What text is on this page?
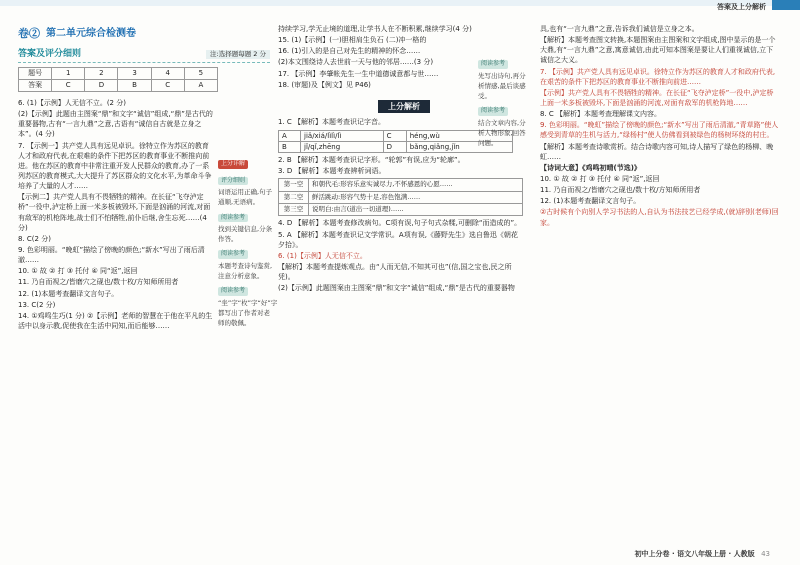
答案及上分解析
卷② 第二单元综合检测卷
答案及评分细则	注:选择题每题 2 分
题号	1	2	3	4	5
答案	C	D	B	C	A
6. (1)【示例】人无信不立。(2 分)
(2)【示例】此题由主图案“鼎”和文字“诚信”组成,“鼎”是古代的重要器物,古有“一言九鼎”之意,古语有“诚信自古就是立身之本”。(4 分)
7. 【示例一】共产党人具有远见卓识。徐特立作为苏区的教育人才和政府代表,在艰难的条件下把苏区的教育事业不断推向前进。他在苏区的教育中非常注重开发人民群众的教育,办了一系列苏区的教育模式,大大提升了苏区群众的文化水平,为革命斗争培养了大量的人才……
【示例二】共产党人具有不畏牺牲的精神。在长征“飞夺泸定桥”一役中,泸定桥上面一米多板被毁坏,下面是汹涌的河流,对面有敌军的机枪阵地,战士们不怕牺牲,前仆后继,舍生忘死……(4 分)
8. C(2 分)
9. 色彩明丽。“晚虹”描绘了傍晚的颜色;“新水”写出了雨后清澈……
10. ① 故 ② 打 ③ 托付 ④ 同“返”,返回
11. 乃自而视之/皆磨穴之砚也/数十枚/方知师所用者
12. (1)本题考查翻译文言句子。
13. C(2 分)
14. ①鸡鸣生巧(1 分) ②【示例】老师的智慧在于他在平凡的生活中以身示教,促使我在生活中同知,而后能够……
上分详解
评分细则
词语运用正确,句子通顺,无语病。
阅读参考
找到关键信息,分条作答。
阅读参考
本题考查诗句鉴赏,注意分析意象。
阅读参考
“坐”字“枚”字“好”字都写出了作者对老师的敬佩。
持续学习,学无止境的道理,让学书人在不断积累,继续学习(4 分)
15. (1)【示例】(一)胆相肩生负石 (二)冲一格的
16. (1)引入的是自己对先生的精神的怀念……
(2)本文围绕诗人去世前一天与他的邻居……(3 分)
17. 【示例】李肇帐先生一生中道德诚意都与世……
18. (审题)及【例文】见 P46)
阅读参考
先写出诗句,再分析情感,最后谈感受。
阅读参考
结合文章内容,分析人物形象,回答问题。
上分解析
1. C 【解析】本题考查识记字音。
A	jiǎ/xiá/lìlì/lì	C	héng,wù
B	jǐ/qǐ,zhēng	D	bǎng,qiǎng,jǐn
2. B 【解析】本题考查识记字形。“轮郭”有误,应为“轮廓”。
3. D 【解析】本题考查辨析词语。
第一空	和朝代毛:形容乐意实诚尽力,不怀感恩的心愿……
第二空	鲜活跳动:形容气势十足,容色饱满……
第三空	说明白:由言(道出一切道理)……
4. D 【解析】本题考查修改病句。C项有误,句子句式杂糅,可删除“而造成的”。
5. A 【解析】本题考查识记文学常识。A项有误,《藤野先生》选自鲁迅《朝花夕拾》。
6. (1)【示例】人无信不立。
【解析】本题考查提炼观点。由“人而无信,不知其可也”(信,国之宝也,民之所凭)。
(2)【示例】此题图案由主图案“鼎”和文字“诚信”组成,“鼎”是古代的重要器物
具,也有“一言九鼎”之意,告诉我们诚信是立身之本。
【解析】本题考查图文转换,本题图案由主图案和文字组成,图中显示的是一个大鼎,有“一言九鼎”之意,寓意诚信,由此可知本图案是要让人们重视诚信,立下诚信之大义。
7. 【示例】共产党人具有远见卓识。徐特立作为苏区的教育人才和政府代表,在艰苦的条件下把苏区的教育事业不断推向前进……
【示例】共产党人具有不畏牺牲的精神。在长征“飞夺泸定桥”一役中,泸定桥上面一米多板被毁坏,下面是汹涌的河流,对面有敌军的机枪阵地……
8. C 【解析】本题考查理解课文内容。
9. 色彩明丽。“晚虹”描绘了傍晚的颜色;“新水”写出了雨后清澈,“青草路”使人感受到青草的生机与活力,“绿杨村”使人仿佛看到被绿色的杨树环绕的村庄。
【解析】本题考查诗歌赏析。结合诗歌内容可知,诗人描写了绿色的杨柳、晚虹……
【诗词大意】《鸡鸣初晴(节选)》
10. ① 故 ② 打 ③ 托付 ④ 同“返”,返回
11. 乃自而视之/皆磨穴之砚也/数十枚/方知师所用者
12. (1)本题考查翻译文言句子。
②古时候有个向别人学习书法的人,自认为书法技艺已经学成,(就)辞别(老师)回家。
初中上分卷 · 语文八年级上册 · 人教版 43
